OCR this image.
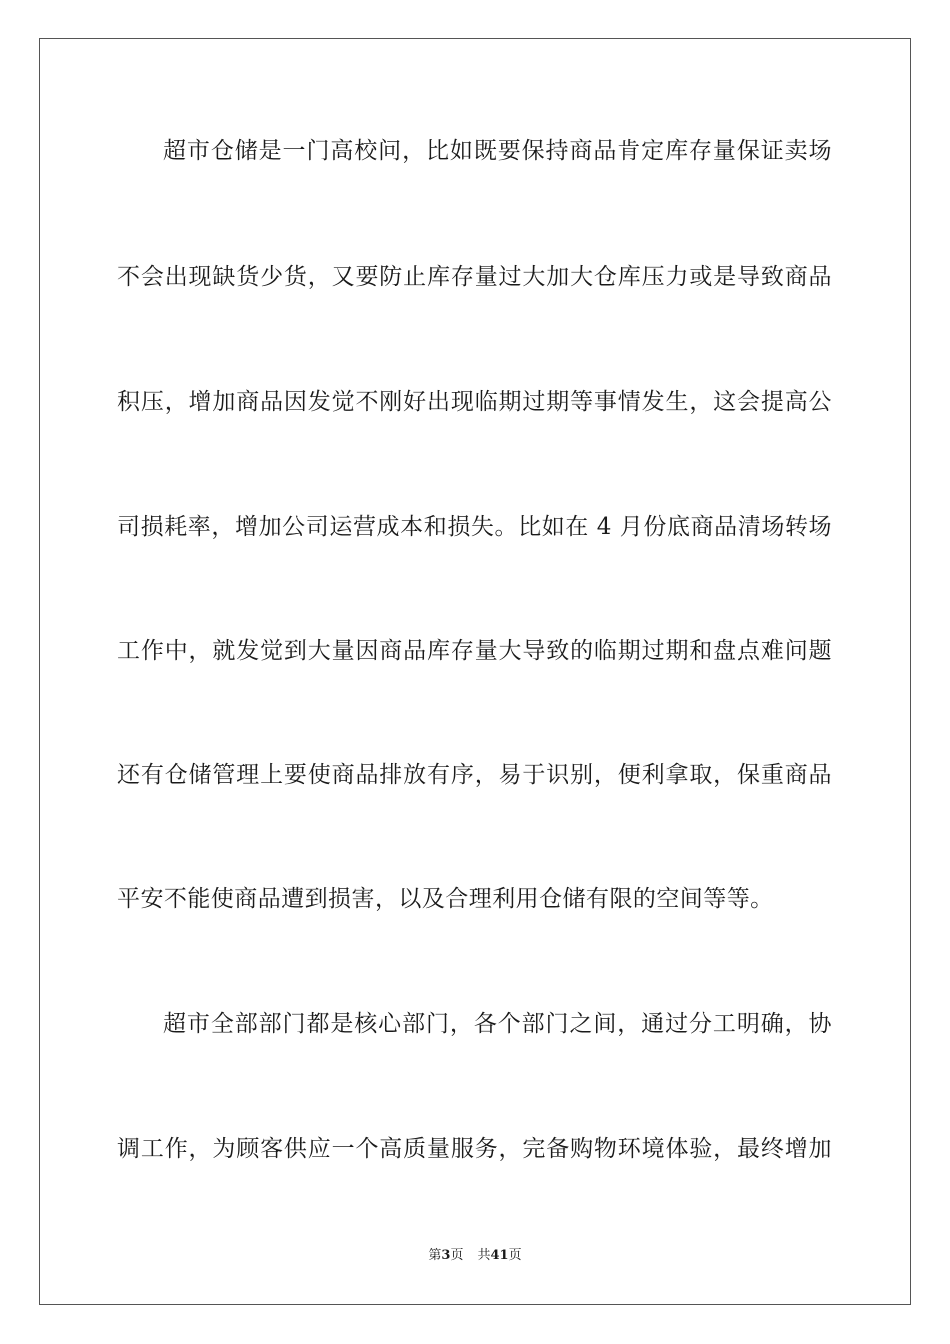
超市仓储是一门高校问，比如既要保持商品肯定库存量保证卖场
不会出现缺货少货，又要防止库存量过大加大仓库压力或是导致商品
积压，增加商品因发觉不刚好出现临期过期等事情发生，这会提高公
司损耗率，增加公司运营成本和损失。比如在 4 月份底商品清场转场
工作中，就发觉到大量因商品库存量大导致的临期过期和盘点难问题
还有仓储管理上要使商品排放有序，易于识别，便利拿取，保重商品
平安不能使商品遭到损害，以及合理利用仓储有限的空间等等。
超市全部部门都是核心部门，各个部门之间，通过分工明确，协
调工作，为顾客供应一个高质量服务，完备购物环境体验，最终增加
第3页 共41页
